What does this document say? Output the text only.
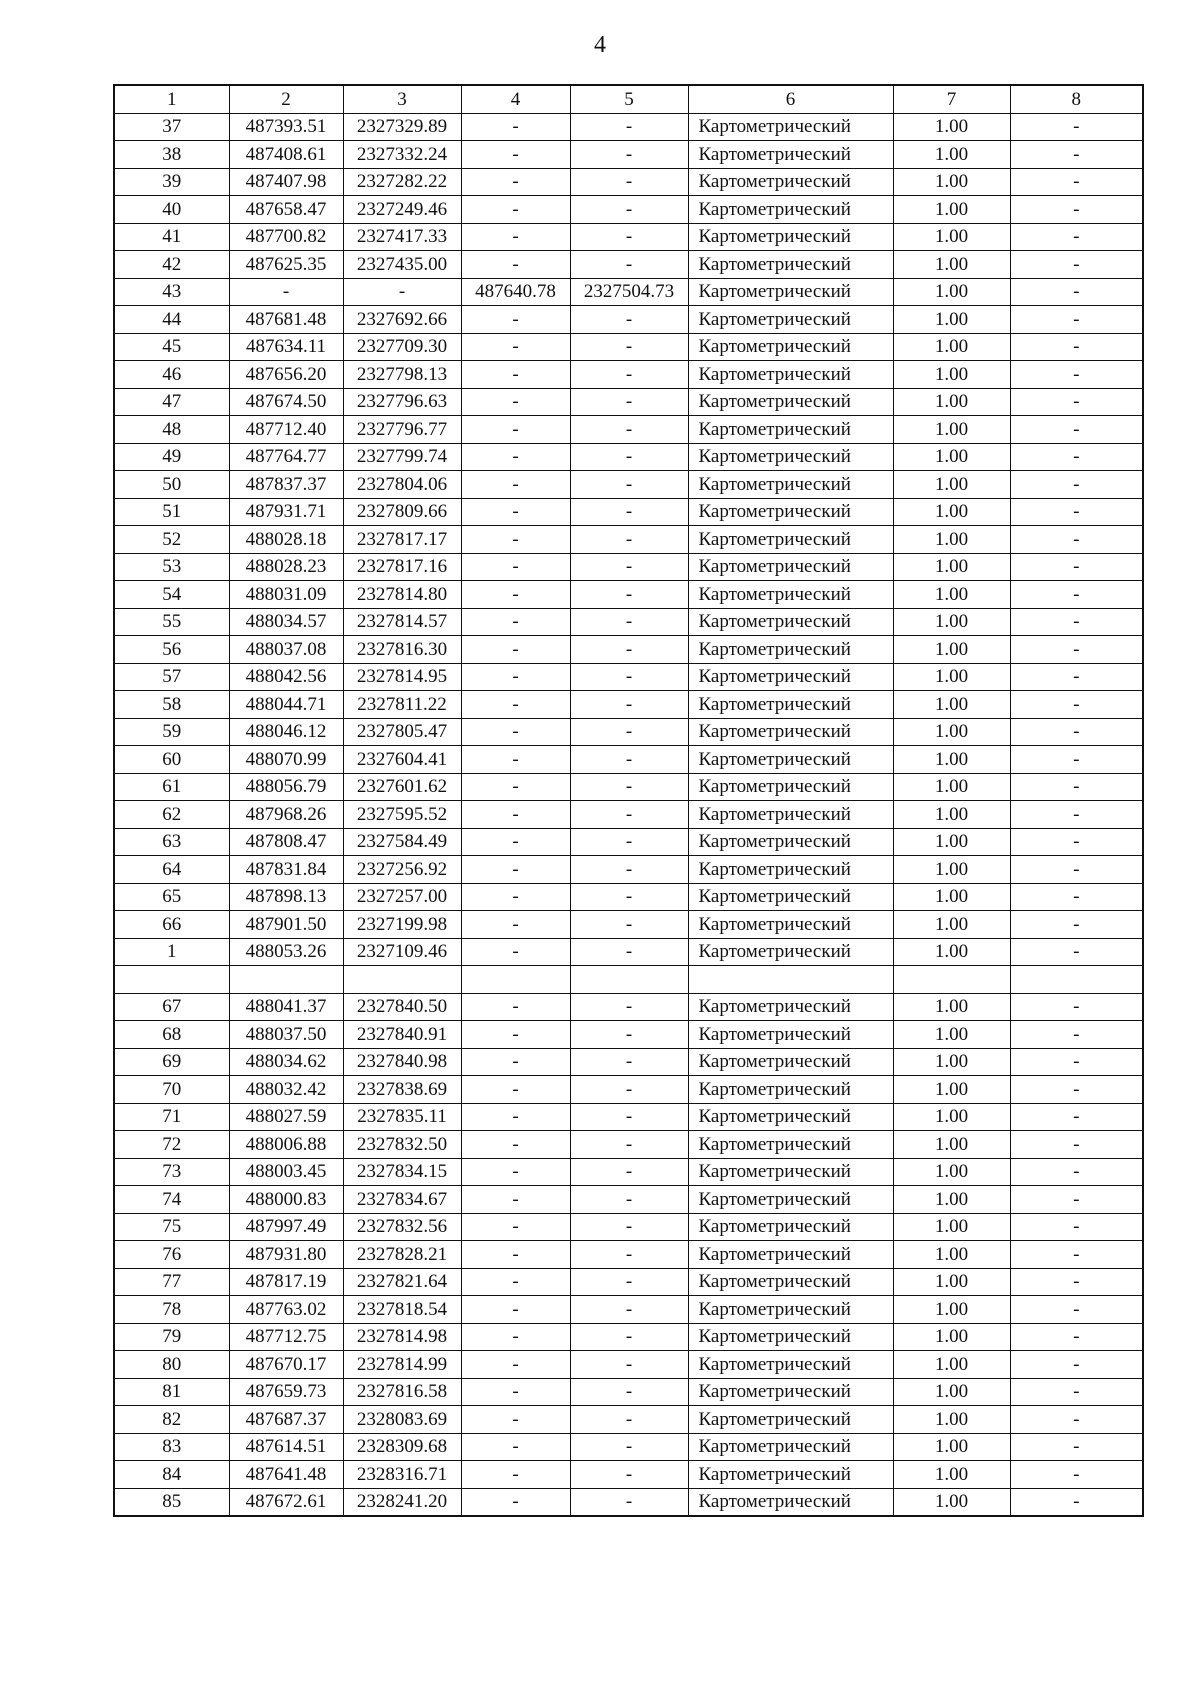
4
1	2	3	4	5	6	7	8
37	487393.51	2327329.89	-	-	Картометрический	1.00	-
38	487408.61	2327332.24	-	-	Картометрический	1.00	-
39	487407.98	2327282.22	-	-	Картометрический	1.00	-
40	487658.47	2327249.46	-	-	Картометрический	1.00	-
41	487700.82	2327417.33	-	-	Картометрический	1.00	-
42	487625.35	2327435.00	-	-	Картометрический	1.00	-
43	-	-	487640.78	2327504.73	Картометрический	1.00	-
44	487681.48	2327692.66	-	-	Картометрический	1.00	-
45	487634.11	2327709.30	-	-	Картометрический	1.00	-
46	487656.20	2327798.13	-	-	Картометрический	1.00	-
47	487674.50	2327796.63	-	-	Картометрический	1.00	-
48	487712.40	2327796.77	-	-	Картометрический	1.00	-
49	487764.77	2327799.74	-	-	Картометрический	1.00	-
50	487837.37	2327804.06	-	-	Картометрический	1.00	-
51	487931.71	2327809.66	-	-	Картометрический	1.00	-
52	488028.18	2327817.17	-	-	Картометрический	1.00	-
53	488028.23	2327817.16	-	-	Картометрический	1.00	-
54	488031.09	2327814.80	-	-	Картометрический	1.00	-
55	488034.57	2327814.57	-	-	Картометрический	1.00	-
56	488037.08	2327816.30	-	-	Картометрический	1.00	-
57	488042.56	2327814.95	-	-	Картометрический	1.00	-
58	488044.71	2327811.22	-	-	Картометрический	1.00	-
59	488046.12	2327805.47	-	-	Картометрический	1.00	-
60	488070.99	2327604.41	-	-	Картометрический	1.00	-
61	488056.79	2327601.62	-	-	Картометрический	1.00	-
62	487968.26	2327595.52	-	-	Картометрический	1.00	-
63	487808.47	2327584.49	-	-	Картометрический	1.00	-
64	487831.84	2327256.92	-	-	Картометрический	1.00	-
65	487898.13	2327257.00	-	-	Картометрический	1.00	-
66	487901.50	2327199.98	-	-	Картометрический	1.00	-
1	488053.26	2327109.46	-	-	Картометрический	1.00	-

67	488041.37	2327840.50	-	-	Картометрический	1.00	-
68	488037.50	2327840.91	-	-	Картометрический	1.00	-
69	488034.62	2327840.98	-	-	Картометрический	1.00	-
70	488032.42	2327838.69	-	-	Картометрический	1.00	-
71	488027.59	2327835.11	-	-	Картометрический	1.00	-
72	488006.88	2327832.50	-	-	Картометрический	1.00	-
73	488003.45	2327834.15	-	-	Картометрический	1.00	-
74	488000.83	2327834.67	-	-	Картометрический	1.00	-
75	487997.49	2327832.56	-	-	Картометрический	1.00	-
76	487931.80	2327828.21	-	-	Картометрический	1.00	-
77	487817.19	2327821.64	-	-	Картометрический	1.00	-
78	487763.02	2327818.54	-	-	Картометрический	1.00	-
79	487712.75	2327814.98	-	-	Картометрический	1.00	-
80	487670.17	2327814.99	-	-	Картометрический	1.00	-
81	487659.73	2327816.58	-	-	Картометрический	1.00	-
82	487687.37	2328083.69	-	-	Картометрический	1.00	-
83	487614.51	2328309.68	-	-	Картометрический	1.00	-
84	487641.48	2328316.71	-	-	Картометрический	1.00	-
85	487672.61	2328241.20	-	-	Картометрический	1.00	-
